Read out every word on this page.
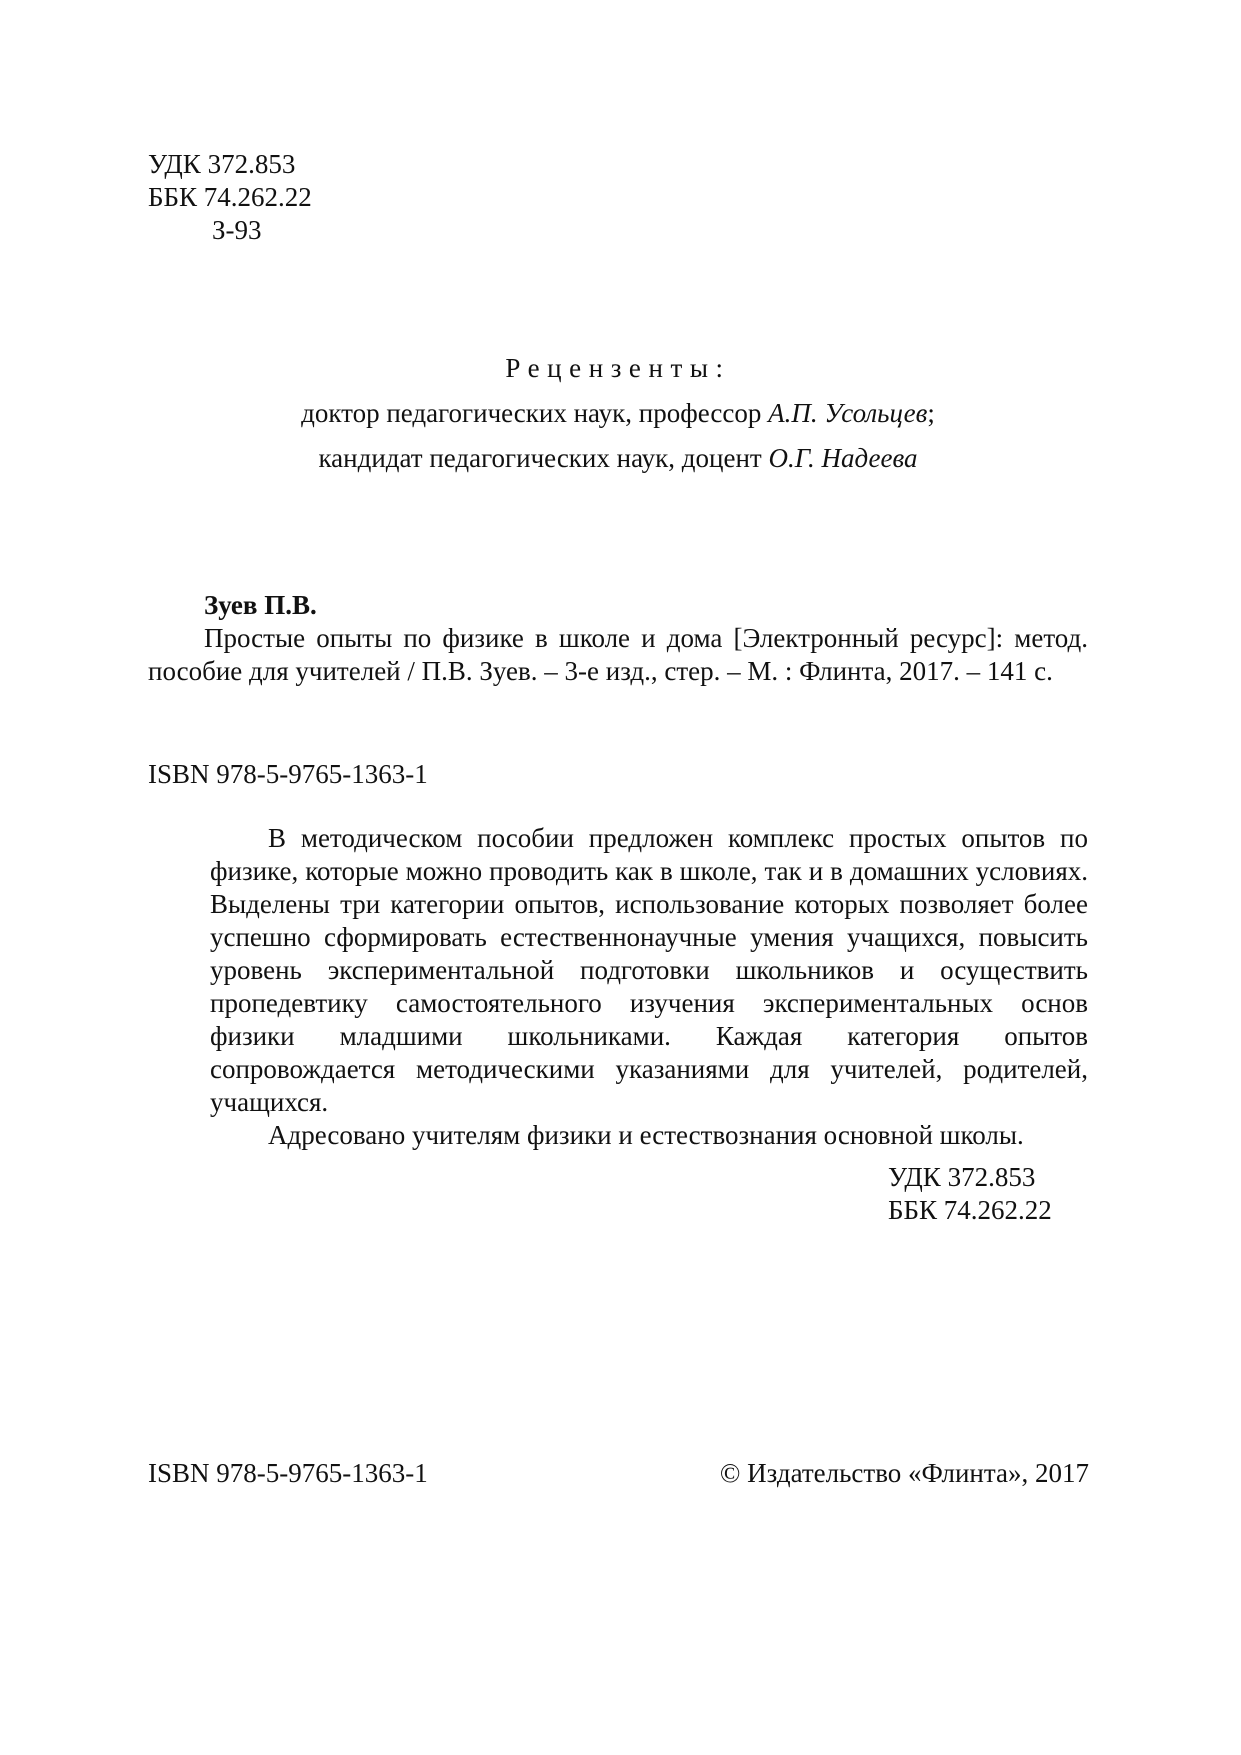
УДК 372.853
ББК 74.262.22
З-93
Рецензенты:
доктор педагогических наук, профессор А.П. Усольцев;
кандидат педагогических наук, доцент О.Г. Надеева
Зуев П.В.

Простые опыты по физике в школе и дома [Электронный ресурс]: метод. пособие для учителей / П.В. Зуев. – 3-е изд., стер. – М. : Флинта, 2017. – 141 с.

ISBN 978-5-9765-1363-1

В методическом пособии предложен комплекс простых опытов по физике, которые можно проводить как в школе, так и в домашних условиях. Выделены три категории опытов, использование которых позволяет более успешно сформировать естественнонаучные умения учащихся, повысить уровень экспериментальной подготовки школьников и осуществить пропедевтику самостоятельного изучения экспериментальных основ физики младшими школьниками. Каждая категория опытов сопровождается методическими указаниями для учителей, родителей, учащихся.

Адресовано учителям физики и естествознания основной школы.

УДК 372.853
ББК 74.262.22
ISBN 978-5-9765-1363-1	© Издательство «Флинта», 2017
